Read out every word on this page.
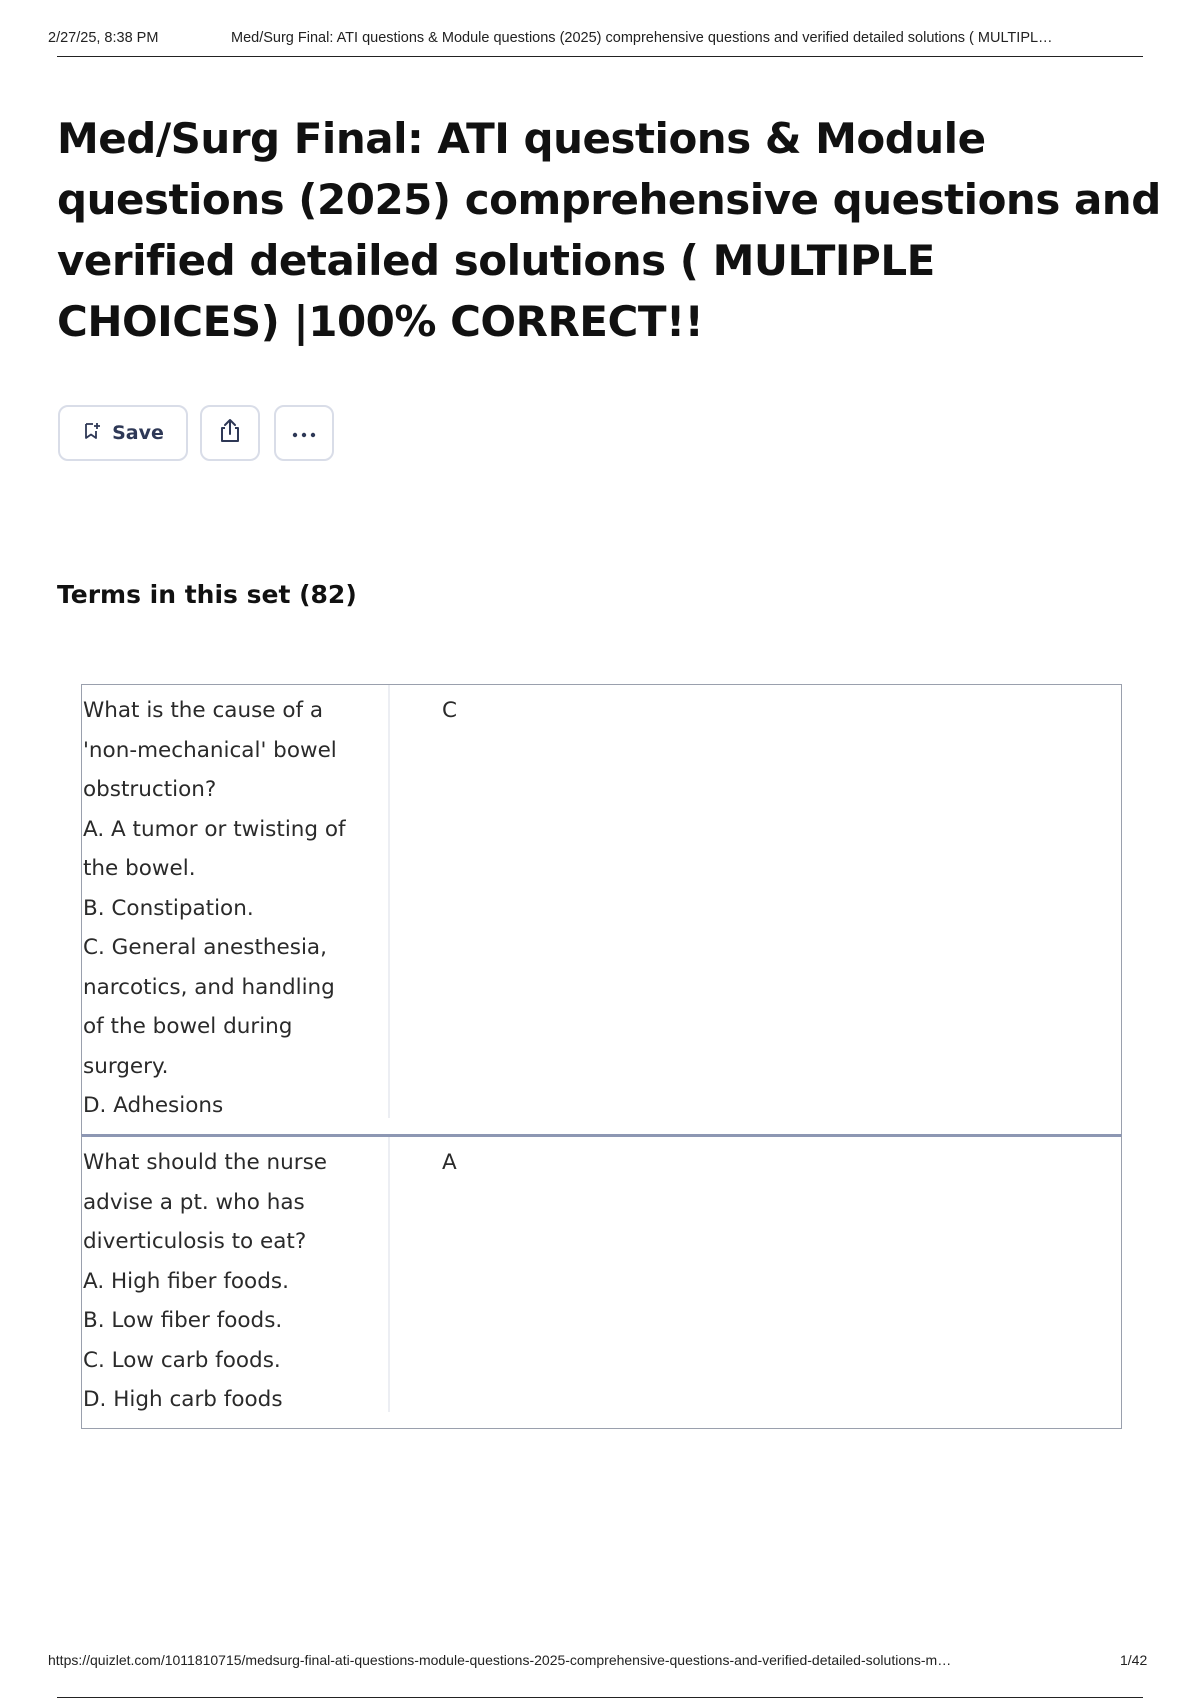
2/27/25, 8:38 PM	Med/Surg Final: ATI questions & Module questions (2025) comprehensive questions and verified detailed solutions ( MULTIPL…
Med/Surg Final: ATI questions & Module
questions (2025) comprehensive questions and
verified detailed solutions ( MULTIPLE
CHOICES) |100% CORRECT!!
Save
Terms in this set (82)
What is the cause of a
'non-mechanical' bowel
obstruction?
A. A tumor or twisting of
the bowel.
B. Constipation.
C. General anesthesia,
narcotics, and handling
of the bowel during
surgery.
D. Adhesions
C
What should the nurse
advise a pt. who has
diverticulosis to eat?
A. High fiber foods.
B. Low fiber foods.
C. Low carb foods.
D. High carb foods
A
https://quizlet.com/1011810715/medsurg-final-ati-questions-module-questions-2025-comprehensive-questions-and-verified-detailed-solutions-m…	1/42
